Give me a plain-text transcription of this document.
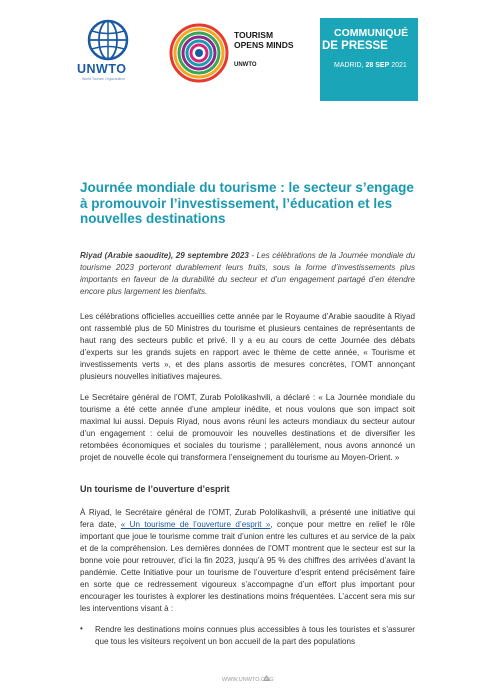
UNWTO
World Tourism Organization
TOURISM
OPENS MINDS
UNWTO
COMMUNIQUÉ
DE PRESSE
MADRID, 28 SEP 2021
Journée mondiale du tourisme : le secteur s’engage à promouvoir l’investissement, l’éducation et les nouvelles destinations

Riyad (Arabie saoudite), 29 septembre 2023 - Les célébrations de la Journée mondiale du tourisme 2023 porteront durablement leurs fruits, sous la forme d’investissements plus importants en faveur de la durabilité du secteur et d’un engagement partagé d’en étendre encore plus largement les bienfaits.

Les célébrations officielles accueillies cette année par le Royaume d’Arabie saoudite à Riyad ont rassemblé plus de 50 Ministres du tourisme et plusieurs centaines de représentants de haut rang des secteurs public et privé. Il y a eu au cours de cette Journée des débats d’experts sur les grands sujets en rapport avec le thème de cette année, « Tourisme et investissements verts », et des plans assortis de mesures concrètes, l’OMT annonçant plusieurs nouvelles initiatives majeures.

Le Secrétaire général de l’OMT, Zurab Pololikashvili, a déclaré : « La Journée mondiale du tourisme a été cette année d’une ampleur inédite, et nous voulons que son impact soit maximal lui aussi. Depuis Riyad, nous avons réuni les acteurs mondiaux du secteur autour d’un engagement : celui de promouvoir les nouvelles destinations et de diversifier les retombées économiques et sociales du tourisme ; parallèlement, nous avons annoncé un projet de nouvelle école qui transformera l’enseignement du tourisme au Moyen-Orient. »

Un tourisme de l’ouverture d’esprit

À Riyad, le Secrétaire général de l’OMT, Zurab Pololikashvili, a présenté une initiative qui fera date, « Un tourisme de l’ouverture d’esprit », conçue pour mettre en relief le rôle important que joue le tourisme comme trait d’union entre les cultures et au service de la paix et de la compréhension. Les dernières données de l’OMT montrent que le secteur est sur la bonne voie pour retrouver, d’ici la fin 2023, jusqu’à 95 % des chiffres des arrivées d’avant la pandémie. Cette Initiative pour un tourisme de l’ouverture d’esprit entend précisément faire en sorte que ce redressement vigoureux s’accompagne d’un effort plus important pour encourager les touristes à explorer les destinations moins fréquentées. L’accent sera mis sur les interventions visant à :

• Rendre les destinations moins connues plus accessibles à tous les touristes et s’assurer que tous les visiteurs reçoivent un bon accueil de la part des populations
WWW.UNWTO.ORG
